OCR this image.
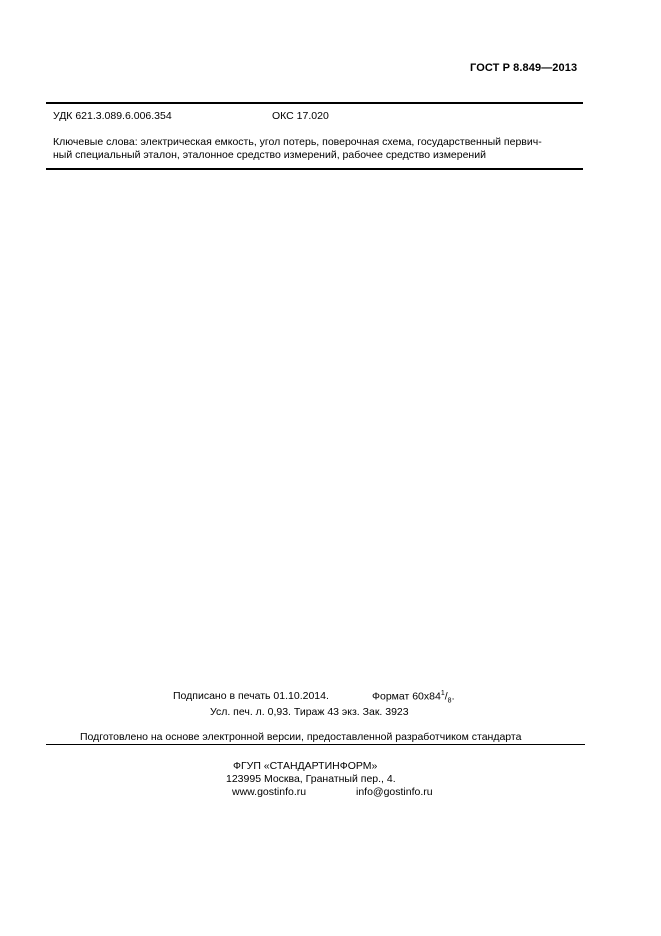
ГОСТ Р 8.849—2013
УДК 621.3.089.6.006.354	ОКС 17.020
Ключевые слова: электрическая емкость, угол потерь, поверочная схема, государственный первич-
ный специальный эталон, эталонное средство измерений, рабочее средство измерений
Подписано в печать 01.10.2014.	Формат $60х84^1/_8$.
Усл. печ. л. 0,93. Тираж 43 экз. Зак. 3923
Подготовлено на основе электронной версии, предоставленной разработчиком стандарта
ФГУП «СТАНДАРТИНФОРМ»
123995 Москва, Гранатный пер., 4.
www.gostinfo.ru	info@gostinfo.ru
